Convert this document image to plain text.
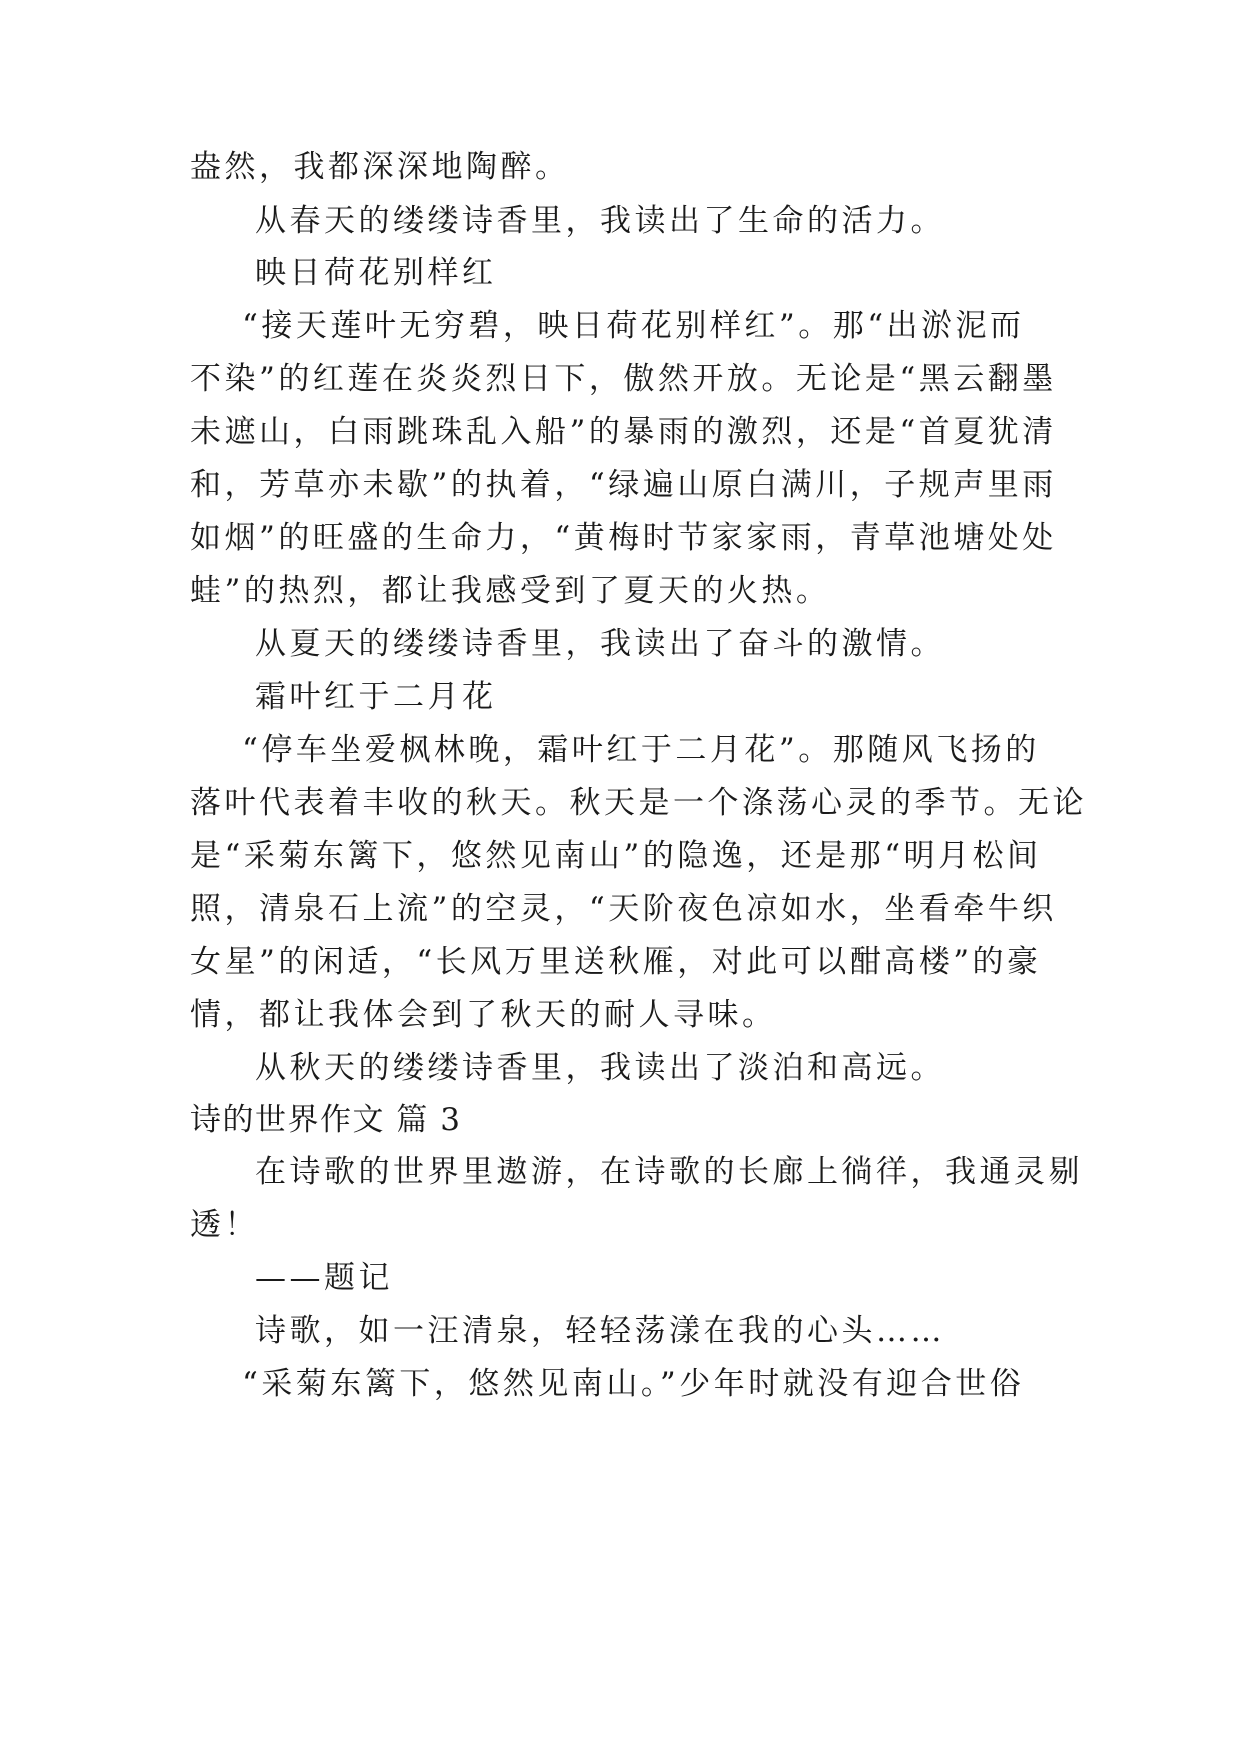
盎然，我都深深地陶醉。
从春天的缕缕诗香里，我读出了生命的活力。
映日荷花别样红
“接天莲叶无穷碧，映日荷花别样红”。那“出淤泥而
不染”的红莲在炎炎烈日下，傲然开放。无论是“黑云翻墨
未遮山，白雨跳珠乱入船”的暴雨的激烈，还是“首夏犹清
和，芳草亦未歇”的执着，“绿遍山原白满川，子规声里雨
如烟”的旺盛的生命力，“黄梅时节家家雨，青草池塘处处
蛙”的热烈，都让我感受到了夏天的火热。
从夏天的缕缕诗香里，我读出了奋斗的激情。
霜叶红于二月花
“停车坐爱枫林晚，霜叶红于二月花”。那随风飞扬的
落叶代表着丰收的秋天。秋天是一个涤荡心灵的季节。无论
是“采菊东篱下，悠然见南山”的隐逸，还是那“明月松间
照，清泉石上流”的空灵，“天阶夜色凉如水，坐看牵牛织
女星”的闲适，“长风万里送秋雁，对此可以酣高楼”的豪
情，都让我体会到了秋天的耐人寻味。
从秋天的缕缕诗香里，我读出了淡泊和高远。
诗的世界作文 篇 3
在诗歌的世界里遨游，在诗歌的长廊上徜徉，我通灵剔
透！
——题记
诗歌，如一汪清泉，轻轻荡漾在我的心头……
“采菊东篱下，悠然见南山。”少年时就没有迎合世俗
